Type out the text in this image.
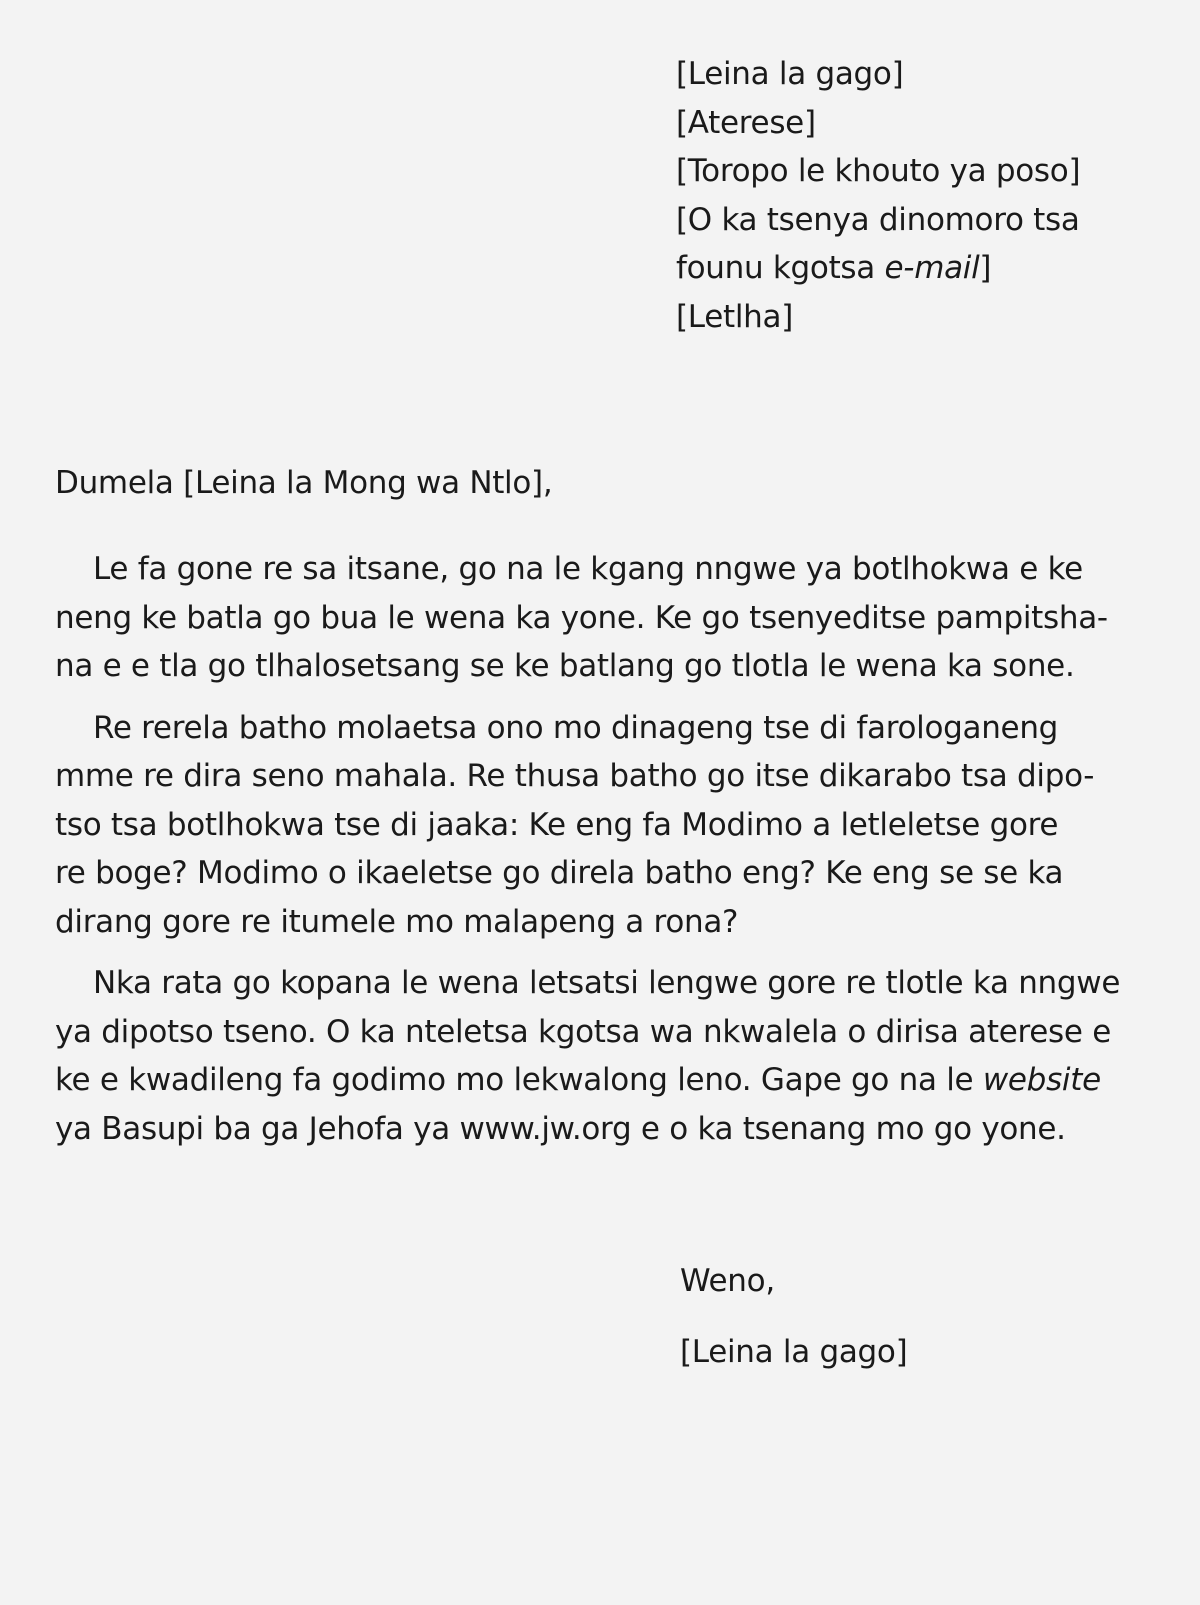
[Leina la gago]
[Aterese]
[Toropo le khouto ya poso]
[O ka tsenya dinomoro tsa
founu kgotsa e-mail]
[Letlha]
Dumela [Leina la Mong wa Ntlo],
Le fa gone re sa itsane, go na le kgang nngwe ya botlhokwa e ke
neng ke batla go bua le wena ka yone. Ke go tsenyeditse pampitsha-
na e e tla go tlhalosetsang se ke batlang go tlotla le wena ka sone.
Re rerela batho molaetsa ono mo dinageng tse di farologaneng
mme re dira seno mahala. Re thusa batho go itse dikarabo tsa dipo-
tso tsa botlhokwa tse di jaaka: Ke eng fa Modimo a letleletse gore
re boge? Modimo o ikaeletse go direla batho eng? Ke eng se se ka
dirang gore re itumele mo malapeng a rona?
Nka rata go kopana le wena letsatsi lengwe gore re tlotle ka nngwe
ya dipotso tseno. O ka nteletsa kgotsa wa nkwalela o dirisa aterese e
ke e kwadileng fa godimo mo lekwalong leno. Gape go na le website
ya Basupi ba ga Jehofa ya www.jw.org e o ka tsenang mo go yone.
Weno,
[Leina la gago]
